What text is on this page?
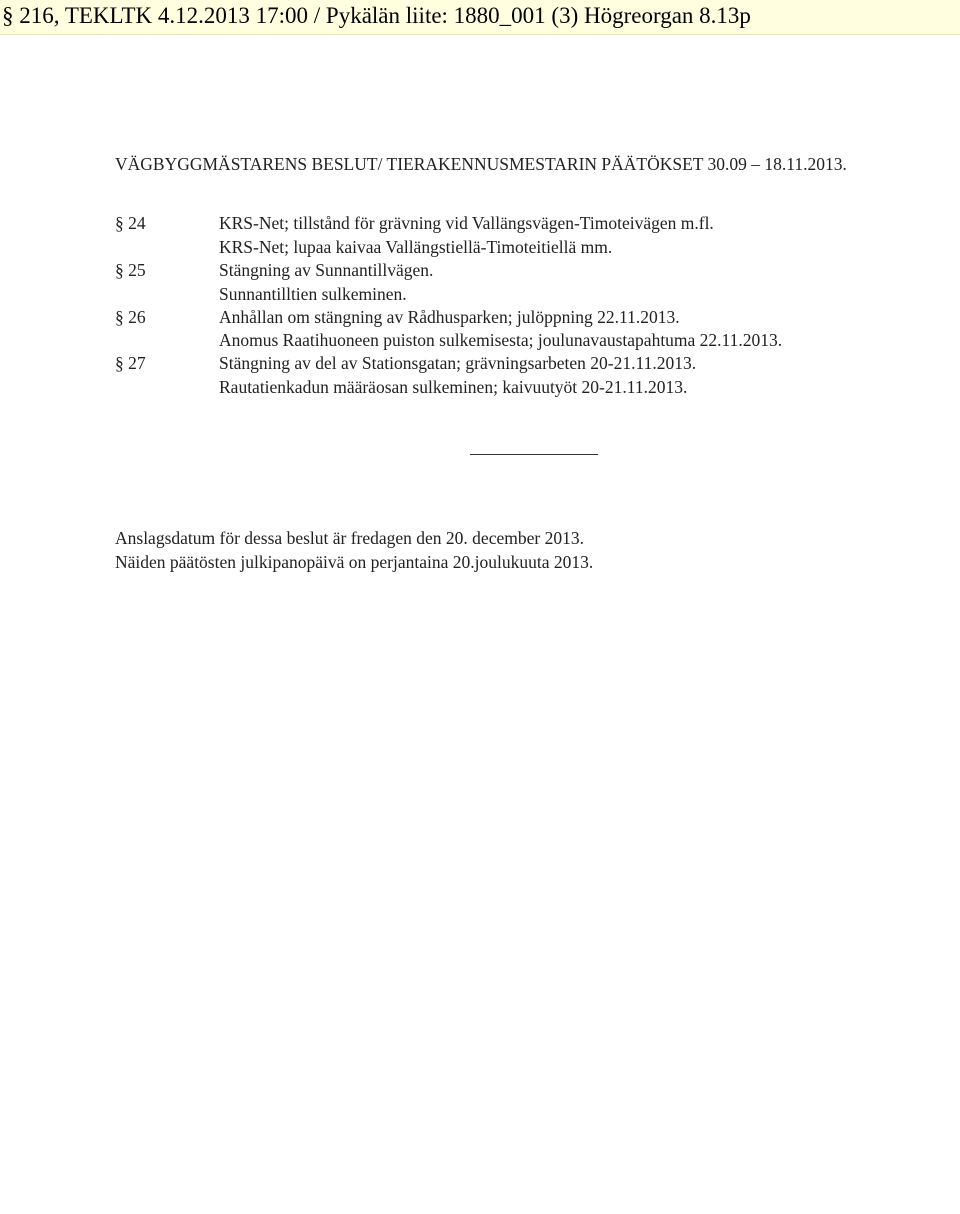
§ 216, TEKLTK 4.12.2013 17:00 / Pykälän liite: 1880_001 (3) Högreorgan 8.13p
VÄGBYGGMÄSTARENS BESLUT/ TIERAKENNUSMESTARIN PÄÄTÖKSET 30.09 – 18.11.2013.
§ 24	KRS-Net; tillstånd för grävning vid Vallängsvägen-Timoteivägen m.fl.
KRS-Net; lupaa kaivaa Vallängstiellä-Timoteitiellä mm.
§ 25	Stängning av Sunnantillvägen.
Sunnantilltien sulkeminen.
§ 26	Anhållan om stängning av Rådhusparken; julöppning 22.11.2013.
Anomus Raatihuoneen puiston sulkemisesta; joulunavaustapahtuma 22.11.2013.
§ 27	Stängning av del av Stationsgatan; grävningsarbeten 20-21.11.2013.
Rautatienkadun määräosan sulkeminen; kaivuutyöt 20-21.11.2013.
Anslagsdatum för dessa beslut är fredagen den 20. december 2013.
Näiden päätösten julkipanopäivä on perjantaina 20.joulukuuta 2013.
